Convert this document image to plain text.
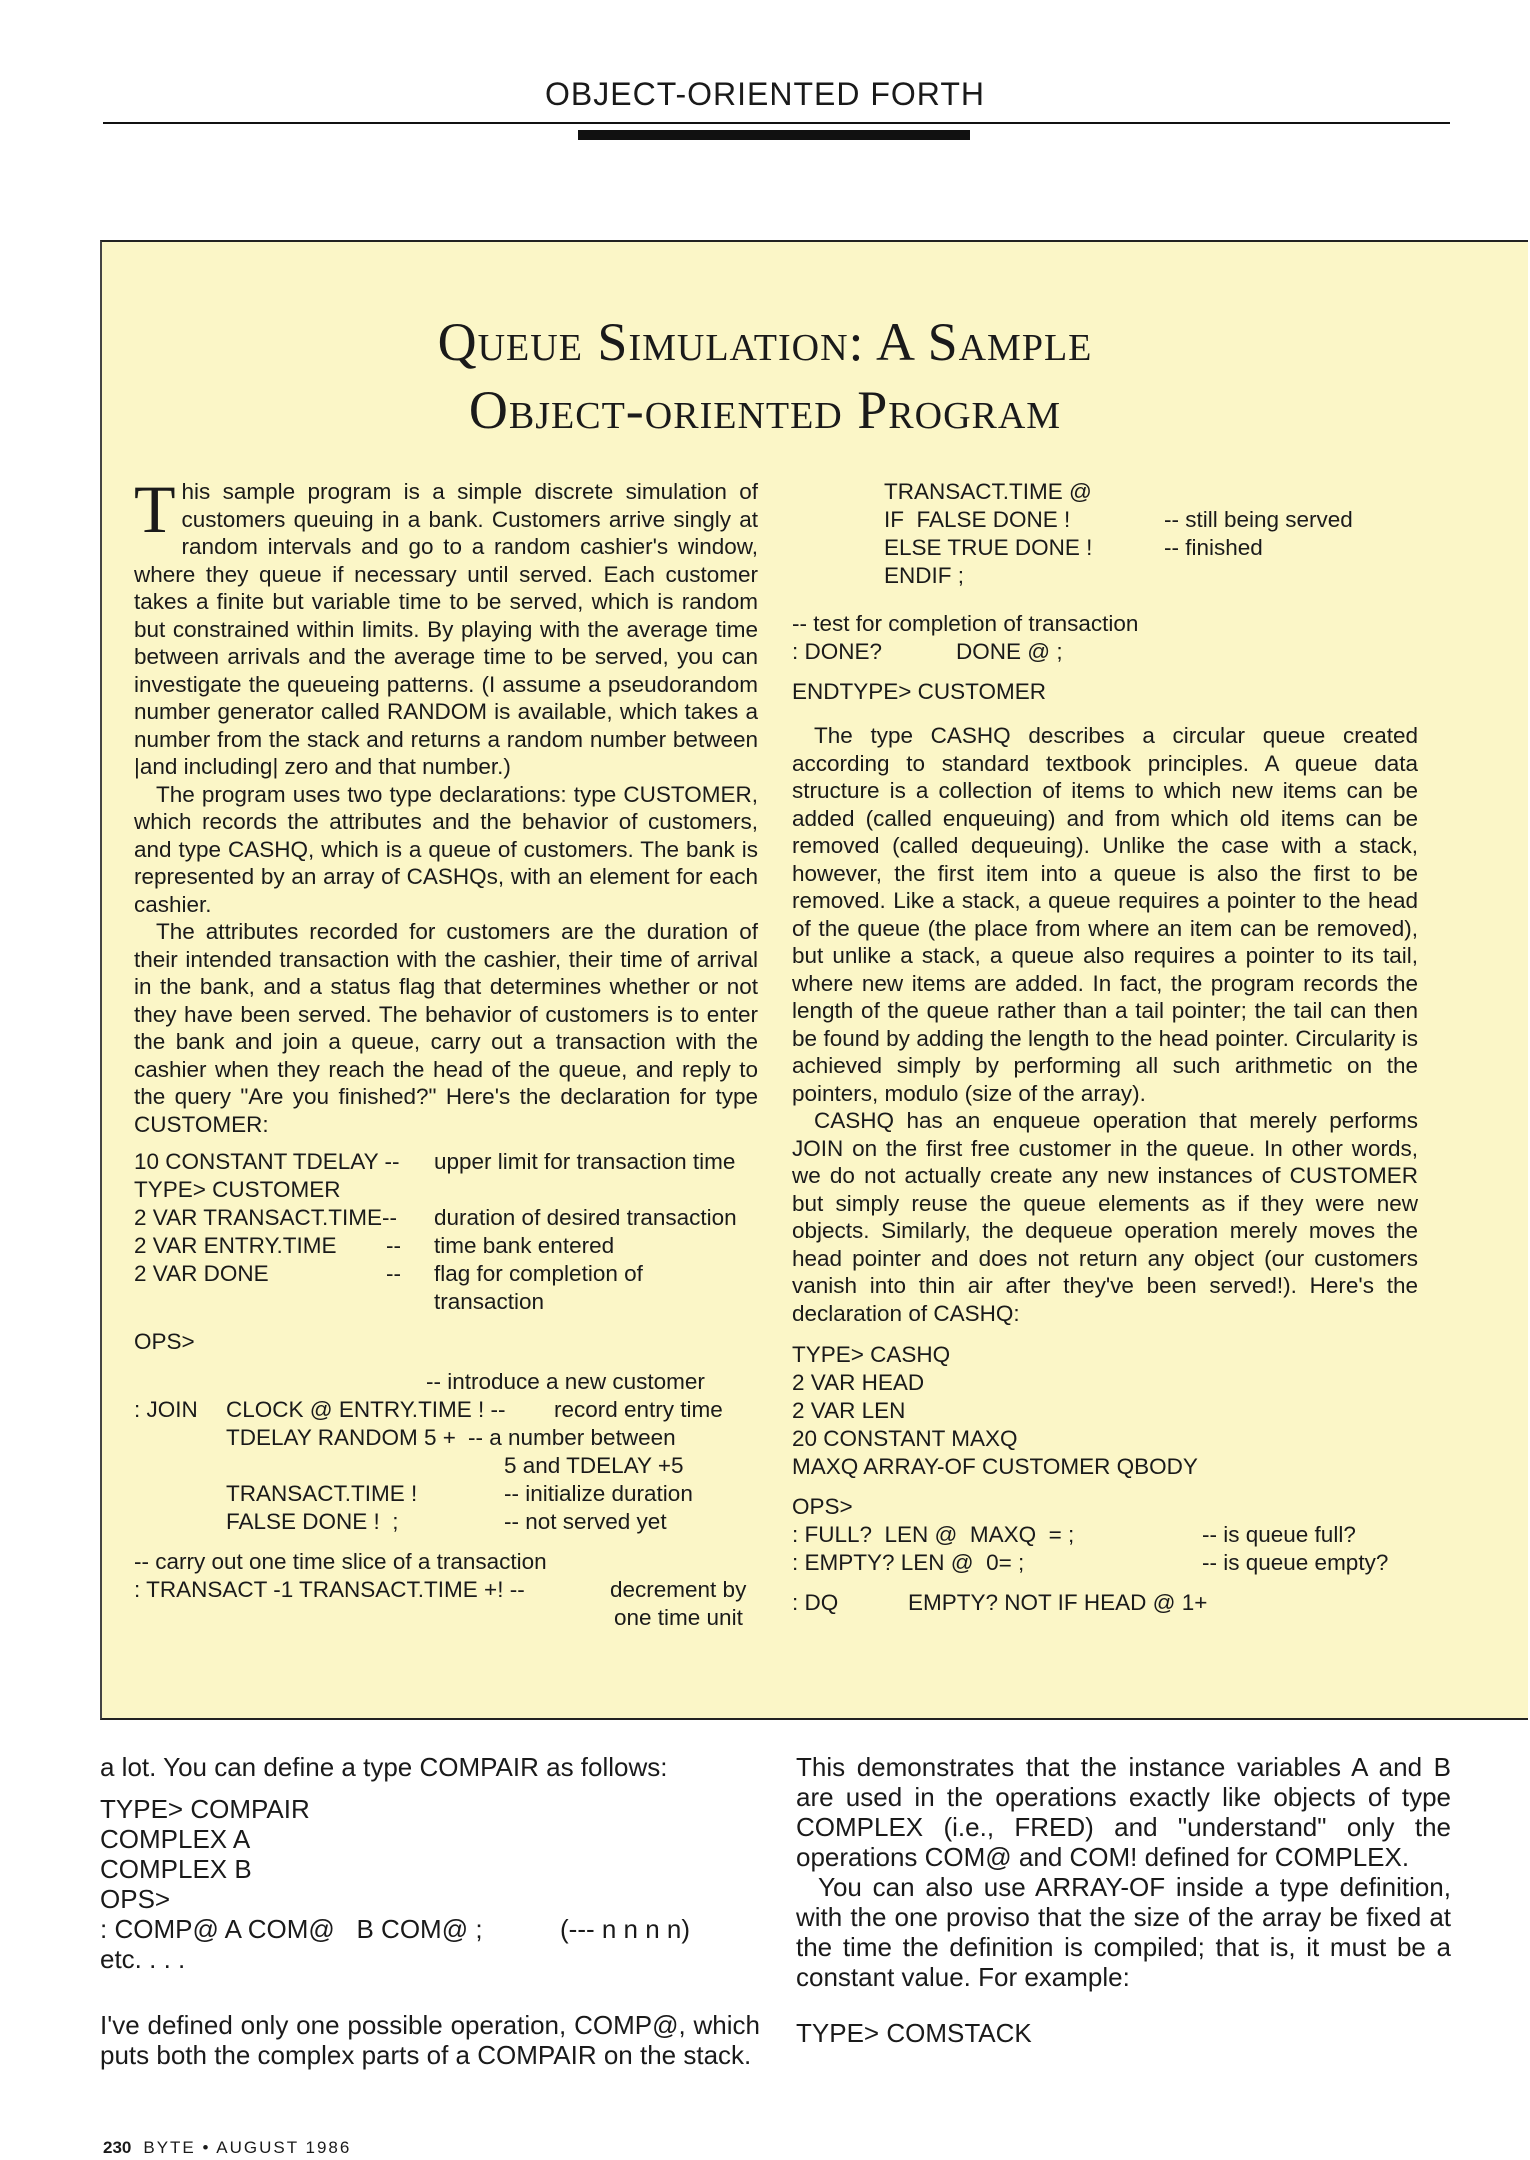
OBJECT-ORIENTED FORTH
Queue Simulation: A Sample
Object-oriented Program

This sample program is a simple discrete simulation of customers queuing in a bank. Customers arrive singly at random intervals and go to a random cashier's window, where they queue if necessary until served. Each customer takes a finite but variable time to be served, which is random but constrained within limits. By playing with the average time between arrivals and the average time to be served, you can investigate the queueing patterns. (I assume a pseudorandom number generator called RANDOM is available, which takes a number from the stack and returns a random number between |and including| zero and that number.)

The program uses two type declarations: type CUSTOMER, which records the attributes and the behavior of customers, and type CASHQ, which is a queue of customers. The bank is represented by an array of CASHQs, with an element for each cashier.

The attributes recorded for customers are the duration of their intended transaction with the cashier, their time of arrival in the bank, and a status flag that determines whether or not they have been served. The behavior of customers is to enter the bank and join a queue, carry out a transaction with the cashier when they reach the head of the queue, and reply to the query "Are you finished?" Here's the declaration for type CUSTOMER:

10 CONSTANT TDELAY -- upper limit for transaction time
TYPE> CUSTOMER
2 VAR TRANSACT.TIME-- duration of desired transaction
2 VAR ENTRY.TIME -- time bank entered
2 VAR DONE	-- flag for completion of
transaction
OPS>
-- introduce a new customer
: JOIN CLOCK @ ENTRY.TIME ! -- record entry time
TDELAY RANDOM 5 + -- a number between
5 and TDELAY +5
TRANSACT.TIME !	-- initialize duration
FALSE DONE !  ;	-- not served yet
-- carry out one time slice of a transaction
: TRANSACT -1 TRANSACT.TIME +! --	decrement by
one time unit
TRANSACT.TIME @
IF  FALSE DONE !	-- still being served
ELSE TRUE DONE !	-- finished
ENDIF ;
-- test for completion of transaction
: DONE?	DONE @ ;
ENDTYPE> CUSTOMER

The type CASHQ describes a circular queue created according to standard textbook principles. A queue data structure is a collection of items to which new items can be added (called enqueuing) and from which old items can be removed (called dequeuing). Unlike the case with a stack, however, the first item into a queue is also the first to be removed. Like a stack, a queue requires a pointer to the head of the queue (the place from where an item can be removed), but unlike a stack, a queue also requires a pointer to its tail, where new items are added. In fact, the program records the length of the queue rather than a tail pointer; the tail can then be found by adding the length to the head pointer. Circularity is achieved simply by performing all such arithmetic on the pointers, modulo (size of the array).

CASHQ has an enqueue operation that merely performs JOIN on the first free customer in the queue. In other words, we do not actually create any new instances of CUSTOMER but simply reuse the queue elements as if they were new objects. Similarly, the dequeue operation merely moves the head pointer and does not return any object (our customers vanish into thin air after they've been served!). Here's the declaration of CASHQ:

TYPE> CASHQ
2 VAR HEAD
2 VAR LEN
20 CONSTANT MAXQ
MAXQ ARRAY-OF CUSTOMER QBODY
OPS>
: FULL?  LEN @  MAXQ  = ;	-- is queue full?
: EMPTY? LEN @  0= ;	-- is queue empty?
: DQ	EMPTY? NOT IF HEAD @ 1+

a lot. You can define a type COMPAIR as follows:

TYPE> COMPAIR
COMPLEX A
COMPLEX B
OPS>
: COMP@ A COM@   B COM@ ;	(--- n n n n)
etc. . . .

I've defined only one possible operation, COMP@, which puts both the complex parts of a COMPAIR on the stack.

This demonstrates that the instance variables A and B are used in the operations exactly like objects of type COMPLEX (i.e., FRED) and "understand" only the operations COM@ and COM! defined for COMPLEX.

You can also use ARRAY-OF inside a type definition, with the one proviso that the size of the array be fixed at the time the definition is compiled; that is, it must be a constant value. For example:

TYPE> COMSTACK
230 BYTE • AUGUST 1986
